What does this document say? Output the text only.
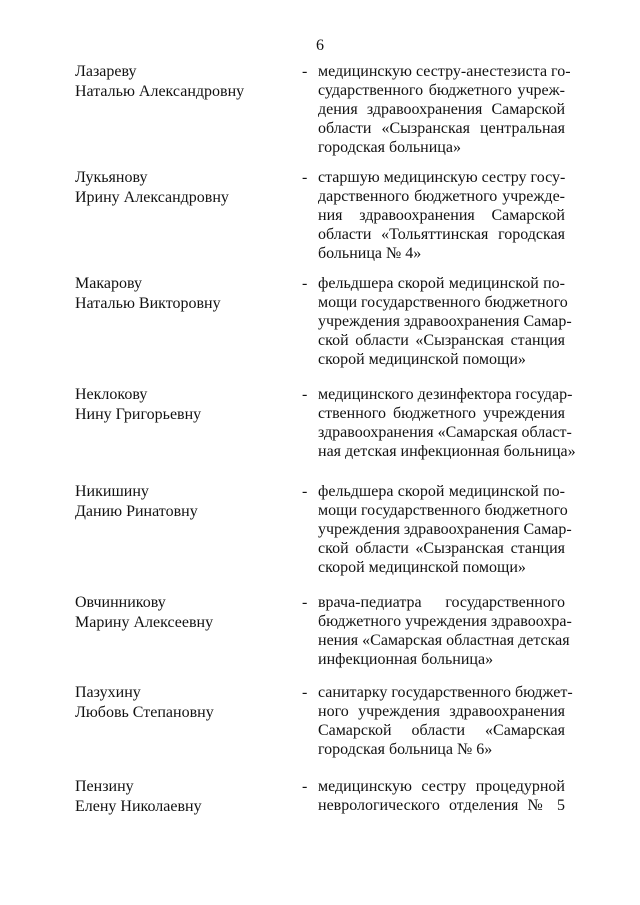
6
Лазареву
Наталью Александровну
- медицинскую сестру-анестезиста го-
сударственного бюджетного учреж-
дения здравоохранения Самарской
области «Сызранская центральная
городская больница»
Лукьянову
Ирину Александровну
- старшую медицинскую сестру госу-
дарственного бюджетного учрежде-
ния здравоохранения Самарской
области «Тольяттинская городская
больница № 4»
Макарову
Наталью Викторовну
- фельдшера скорой медицинской по-
мощи государственного бюджетного
учреждения здравоохранения Самар-
ской области «Сызранская станция
скорой медицинской помощи»
Неклокову
Нину Григорьевну
- медицинского дезинфектора государ-
ственного бюджетного учреждения
здравоохранения «Самарская област-
ная детская инфекционная больница»
Никишину
Данию Ринатовну
- фельдшера скорой медицинской по-
мощи государственного бюджетного
учреждения здравоохранения Самар-
ской области «Сызранская станция
скорой медицинской помощи»
Овчинникову
Марину Алексеевну
- врача-педиатра государственного
бюджетного учреждения здравоохра-
нения «Самарская областная детская
инфекционная больница»
Пазухину
Любовь Степановну
- санитарку государственного бюджет-
ного учреждения здравоохранения
Самарской области «Самарская
городская больница № 6»
Пензину
Елену Николаевну
- медицинскую сестру процедурной
неврологического отделения № 5
